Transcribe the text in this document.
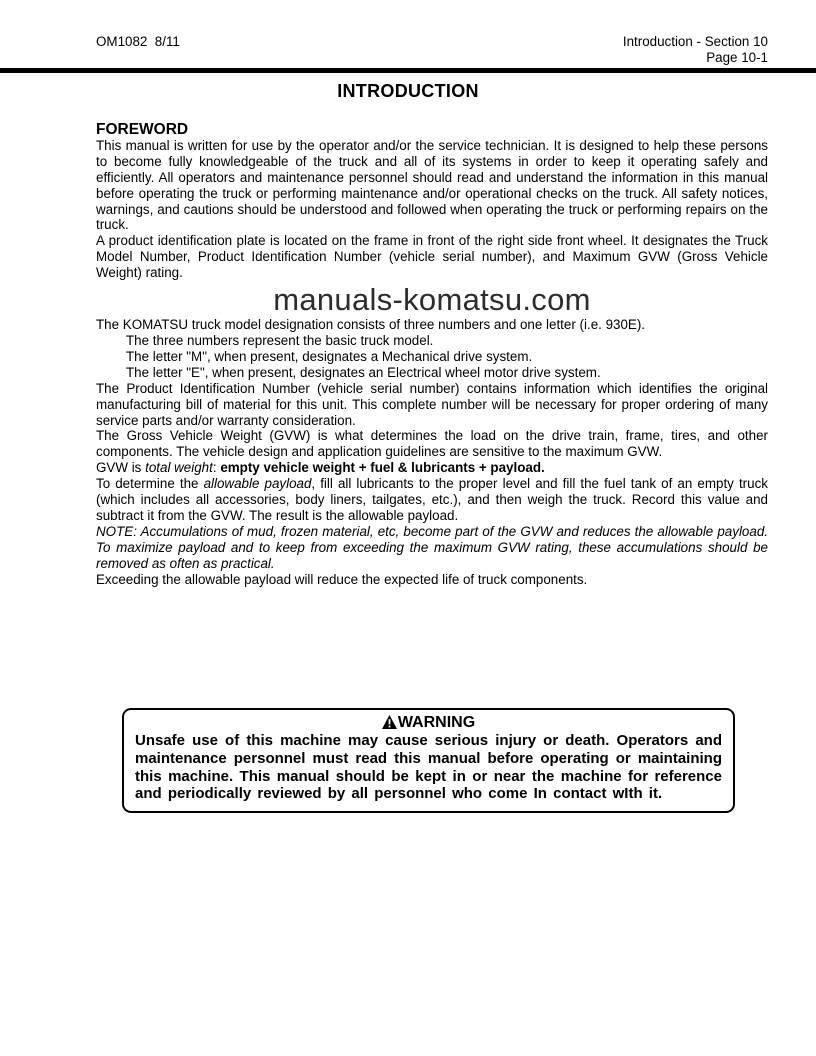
OM1082  8/11	Introduction - Section 10
Page 10-1
INTRODUCTION
FOREWORD

This manual is written for use by the operator and/or the service technician. It is designed to help these persons to become fully knowledgeable of the truck and all of its systems in order to keep it operating safely and efficiently. All operators and maintenance personnel should read and understand the information in this manual before operating the truck or performing maintenance and/or operational checks on the truck. All safety notices, warnings, and cautions should be understood and followed when operating the truck or performing repairs on the truck.

A product identification plate is located on the frame in front of the right side front wheel. It designates the Truck Model Number, Product Identification Number (vehicle serial number), and Maximum GVW (Gross Vehicle Weight) rating.

manuals-komatsu.com

The KOMATSU truck model designation consists of three numbers and one letter (i.e. 930E).

The three numbers represent the basic truck model.

The letter "M", when present, designates a Mechanical drive system.

The letter "E", when present, designates an Electrical wheel motor drive system.

The Product Identification Number (vehicle serial number) contains information which identifies the original manufacturing bill of material for this unit. This complete number will be necessary for proper ordering of many service parts and/or warranty consideration.

The Gross Vehicle Weight (GVW) is what determines the load on the drive train, frame, tires, and other components. The vehicle design and application guidelines are sensitive to the maximum GVW.

GVW is total weight: empty vehicle weight + fuel & lubricants + payload.

To determine the allowable payload, fill all lubricants to the proper level and fill the fuel tank of an empty truck (which includes all accessories, body liners, tailgates, etc.), and then weigh the truck. Record this value and subtract it from the GVW. The result is the allowable payload.

NOTE: Accumulations of mud, frozen material, etc, become part of the GVW and reduces the allowable payload. To maximize payload and to keep from exceeding the maximum GVW rating, these accumulations should be removed as often as practical.

Exceeding the allowable payload will reduce the expected life of truck components.

WARNING

Unsafe use of this machine may cause serious injury or death. Operators and maintenance personnel must read this manual before operating or maintaining this machine. This manual should be kept in or near the machine for reference and periodically reviewed by all personnel who come In contact wIth it.
